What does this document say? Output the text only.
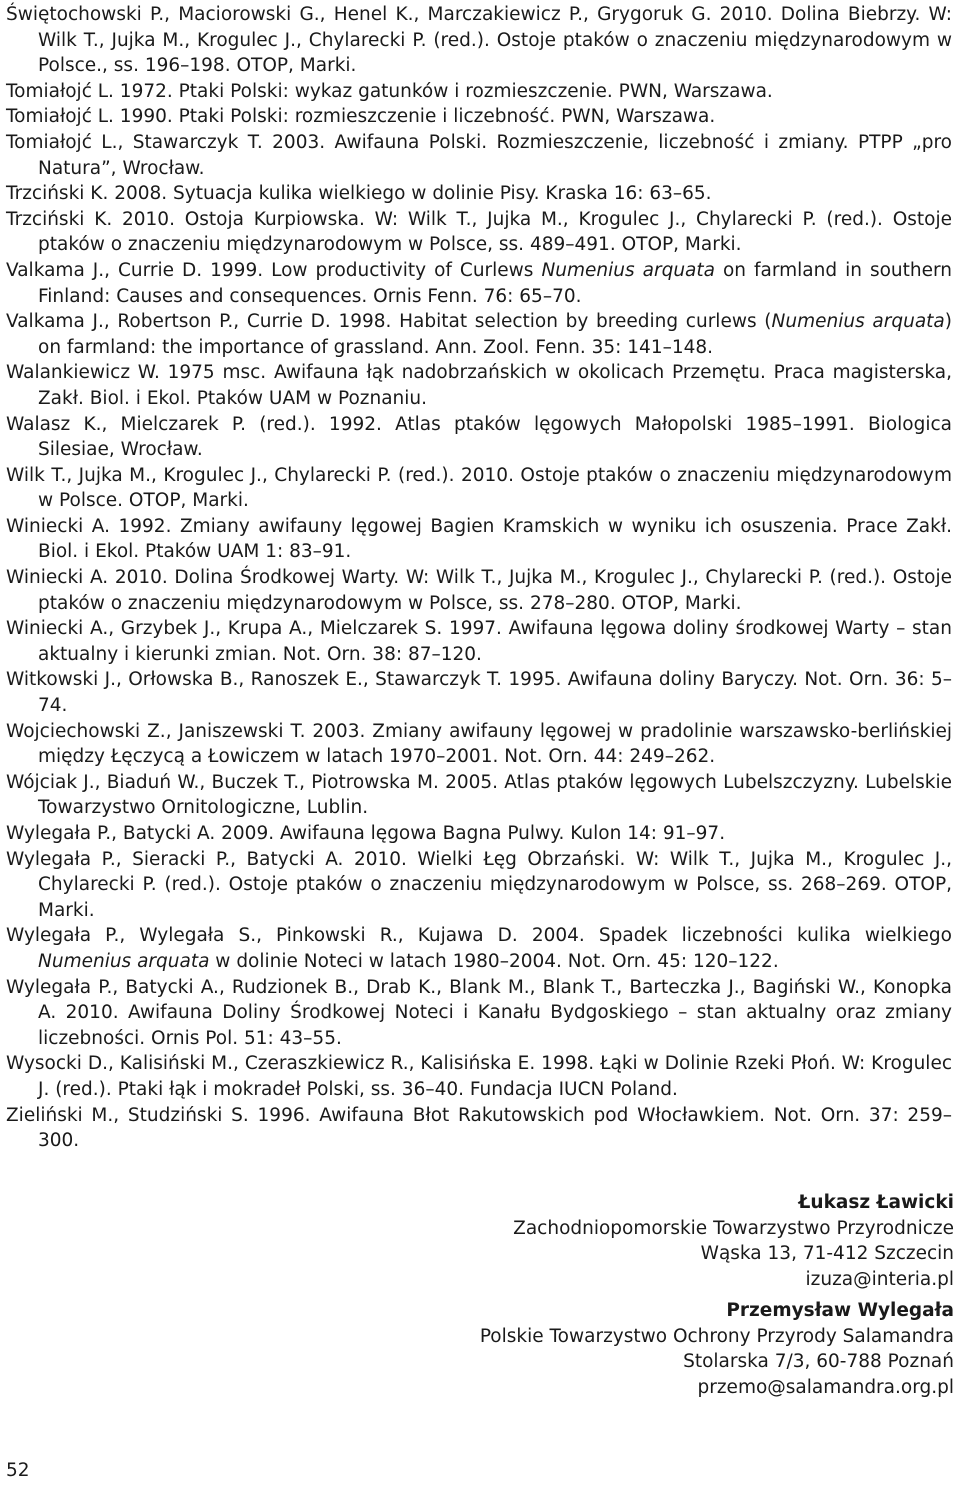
Świętochowski P., Maciorowski G., Henel K., Marczakiewicz P., Grygoruk G. 2010. Dolina Biebrzy. W: Wilk T., Jujka M., Krogulec J., Chylarecki P. (red.). Ostoje ptaków o znaczeniu międzynarodowym w Polsce., ss. 196–198. OTOP, Marki.

Tomiałojć L. 1972. Ptaki Polski: wykaz gatunków i rozmieszczenie. PWN, Warszawa.

Tomiałojć L. 1990. Ptaki Polski: rozmieszczenie i liczebność. PWN, Warszawa.

Tomiałojć L., Stawarczyk T. 2003. Awifauna Polski. Rozmieszczenie, liczebność i zmiany. PTPP „pro Natura”, Wrocław.

Trzciński K. 2008. Sytuacja kulika wielkiego w dolinie Pisy. Kraska 16: 63–65.

Trzciński K. 2010. Ostoja Kurpiowska. W: Wilk T., Jujka M., Krogulec J., Chylarecki P. (red.). Ostoje ptaków o znaczeniu międzynarodowym w Polsce, ss. 489–491. OTOP, Marki.

Valkama J., Currie D. 1999. Low productivity of Curlews Numenius arquata on farmland in southern Finland: Causes and consequences. Ornis Fenn. 76: 65–70.

Valkama J., Robertson P., Currie D. 1998. Habitat selection by breeding curlews (Numenius arquata) on farmland: the importance of grassland. Ann. Zool. Fenn. 35: 141–148.

Walankiewicz W. 1975 msc. Awifauna łąk nadobrzańskich w okolicach Przemętu. Praca magisterska, Zakł. Biol. i Ekol. Ptaków UAM w Poznaniu.

Walasz K., Mielczarek P. (red.). 1992. Atlas ptaków lęgowych Małopolski 1985–1991. Biologica Silesiae, Wrocław.

Wilk T., Jujka M., Krogulec J., Chylarecki P. (red.). 2010. Ostoje ptaków o znaczeniu międzynarodowym w Polsce. OTOP, Marki.

Winiecki A. 1992. Zmiany awifauny lęgowej Bagien Kramskich w wyniku ich osuszenia. Prace Zakł. Biol. i Ekol. Ptaków UAM 1: 83–91.

Winiecki A. 2010. Dolina Środkowej Warty. W: Wilk T., Jujka M., Krogulec J., Chylarecki P. (red.). Ostoje ptaków o znaczeniu międzynarodowym w Polsce, ss. 278–280. OTOP, Marki.

Winiecki A., Grzybek J., Krupa A., Mielczarek S. 1997. Awifauna lęgowa doliny środkowej Warty – stan aktualny i kierunki zmian. Not. Orn. 38: 87–120.

Witkowski J., Orłowska B., Ranoszek E., Stawarczyk T. 1995. Awifauna doliny Baryczy. Not. Orn. 36: 5–74.

Wojciechowski Z., Janiszewski T. 2003. Zmiany awifauny lęgowej w pradolinie warszawsko-berlińskiej między Łęczycą a Łowiczem w latach 1970–2001. Not. Orn. 44: 249–262.

Wójciak J., Biaduń W., Buczek T., Piotrowska M. 2005. Atlas ptaków lęgowych Lubelszczyzny. Lubelskie Towarzystwo Ornitologiczne, Lublin.

Wylegała P., Batycki A. 2009. Awifauna lęgowa Bagna Pulwy. Kulon 14: 91–97.

Wylegała P., Sieracki P., Batycki A. 2010. Wielki Łęg Obrzański. W: Wilk T., Jujka M., Krogulec J., Chylarecki P. (red.). Ostoje ptaków o znaczeniu międzynarodowym w Polsce, ss. 268–269. OTOP, Marki.

Wylegała P., Wylegała S., Pinkowski R., Kujawa D. 2004. Spadek liczebności kulika wielkiego Numenius arquata w dolinie Noteci w latach 1980–2004. Not. Orn. 45: 120–122.

Wylegała P., Batycki A., Rudzionek B., Drab K., Blank M., Blank T., Barteczka J., Bagiński W., Konopka A. 2010. Awifauna Doliny Środkowej Noteci i Kanału Bydgoskiego – stan aktualny oraz zmiany liczebności. Ornis Pol. 51: 43–55.

Wysocki D., Kalisiński M., Czeraszkiewicz R., Kalisińska E. 1998. Łąki w Dolinie Rzeki Płoń. W: Krogulec J. (red.). Ptaki łąk i mokradeł Polski, ss. 36–40. Fundacja IUCN Poland.

Zieliński M., Studziński S. 1996. Awifauna Błot Rakutowskich pod Włocławkiem. Not. Orn. 37: 259–300.

Łukasz Ławicki
Zachodniopomorskie Towarzystwo Przyrodnicze
Wąska 13, 71-412 Szczecin
izuza@interia.pl
Przemysław Wylegała
Polskie Towarzystwo Ochrony Przyrody Salamandra
Stolarska 7/3, 60-788 Poznań
przemo@salamandra.org.pl
52
